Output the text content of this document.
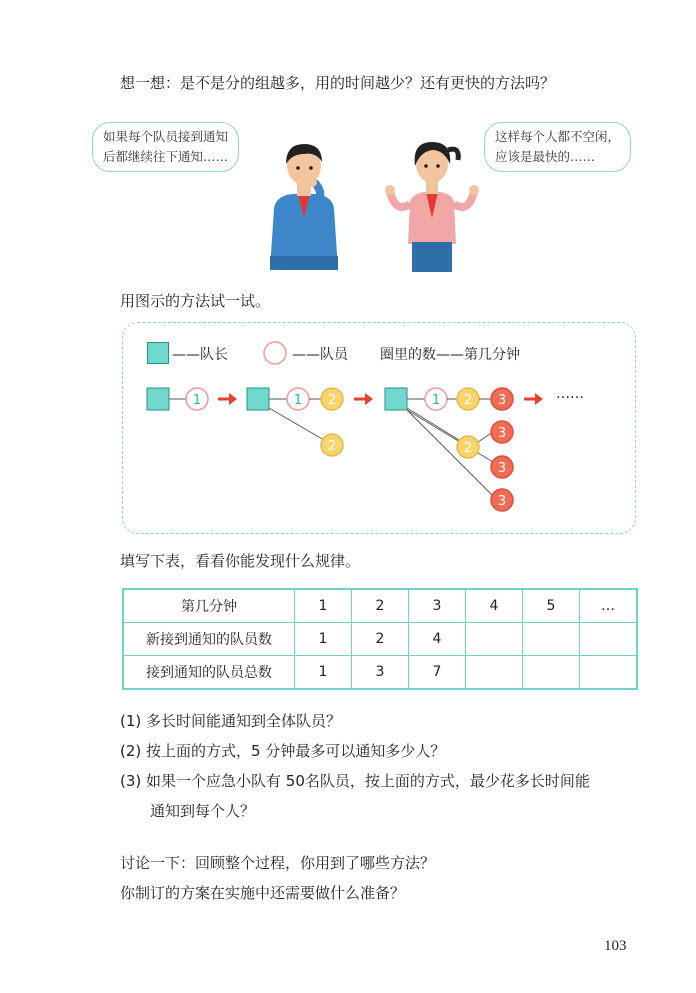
想一想：是不是分的组越多，用的时间越少？还有更快的方法吗？
如果每个队员接到通知
后都继续往下通知……
这样每个人都不空闲，
应该是最快的……
用图示的方法试一试。
——队长	——队员 圈里的数——第几分钟
1	1 2
2
1 2 3
2
3
3
3
……
填写下表，看看你能发现什么规律。
第几分钟	1	2	3	4	5	…
新接到通知的队员数	1	2	4			
接到通知的队员总数	1	3	7			
(1) 多长时间能通知到全体队员？
(2) 按上面的方式，5 分钟最多可以通知多少人？
(3) 如果一个应急小队有 50名队员，按上面的方式，最少花多长时间能
通知到每个人？
讨论一下：回顾整个过程，你用到了哪些方法？
你制订的方案在实施中还需要做什么准备？
103
